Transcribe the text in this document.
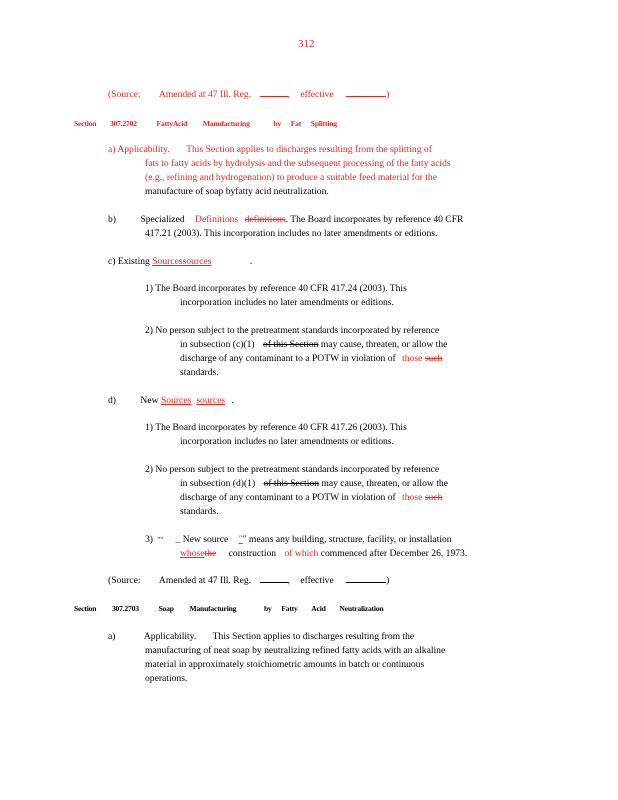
312
(Source: Amended at 47 Ill. Reg.	, effective	)
Section 307.2702	FattyAcid Manufacturing	by Fat Splitting
a) Applicability. This Section applies to discharges resulting from the splitting of
fats to fatty acids by hydrolysis and the subsequent processing of the fatty acids
(e.g., refining and hydrogenation) to produce a suitable feed material for the
manufacture of soap byfatty acid neutralization.
b)	Specialized Definitions definitions. The Board incorporates by reference 40 CFR
417.21 (2003). This incorporation includes no later amendments or editions.
c) Existing Sourcessources	.
1) The Board incorporates by reference 40 CFR 417.24 (2003). This
incorporation includes no later amendments or editions.
2) No person subject to the pretreatment standards incorporated by reference
in subsection (c)(1) of this Section may cause, threaten, or allow the
discharge of any contaminant to a POTW in violation of those such
standards.
d)	New Sources sources .
1) The Board incorporates by reference 40 CFR 417.26 (2003). This
incorporation includes no later amendments or editions.
2) No person subject to the pretreatment standards incorporated by reference
in subsection (d)(1) of this Section may cause, threaten, or allow the
discharge of any contaminant to a POTW in violation of those such
standards.
3) "" _ New source "" means any building, structure, facility, or installation
whosethe construction of which commenced after December 26, 1973.
(Source: Amended at 47 Ill. Reg.	, effective	)
Section 307.2703	Soap Manufacturing	by Fatty Acid Neutralization
a)	Applicability. This Section applies to discharges resulting from the
manufacturing of neat soap by neutralizing refined fatty acids with an alkaline
material in approximately stoichiometric amounts in batch or continuous
operations.
